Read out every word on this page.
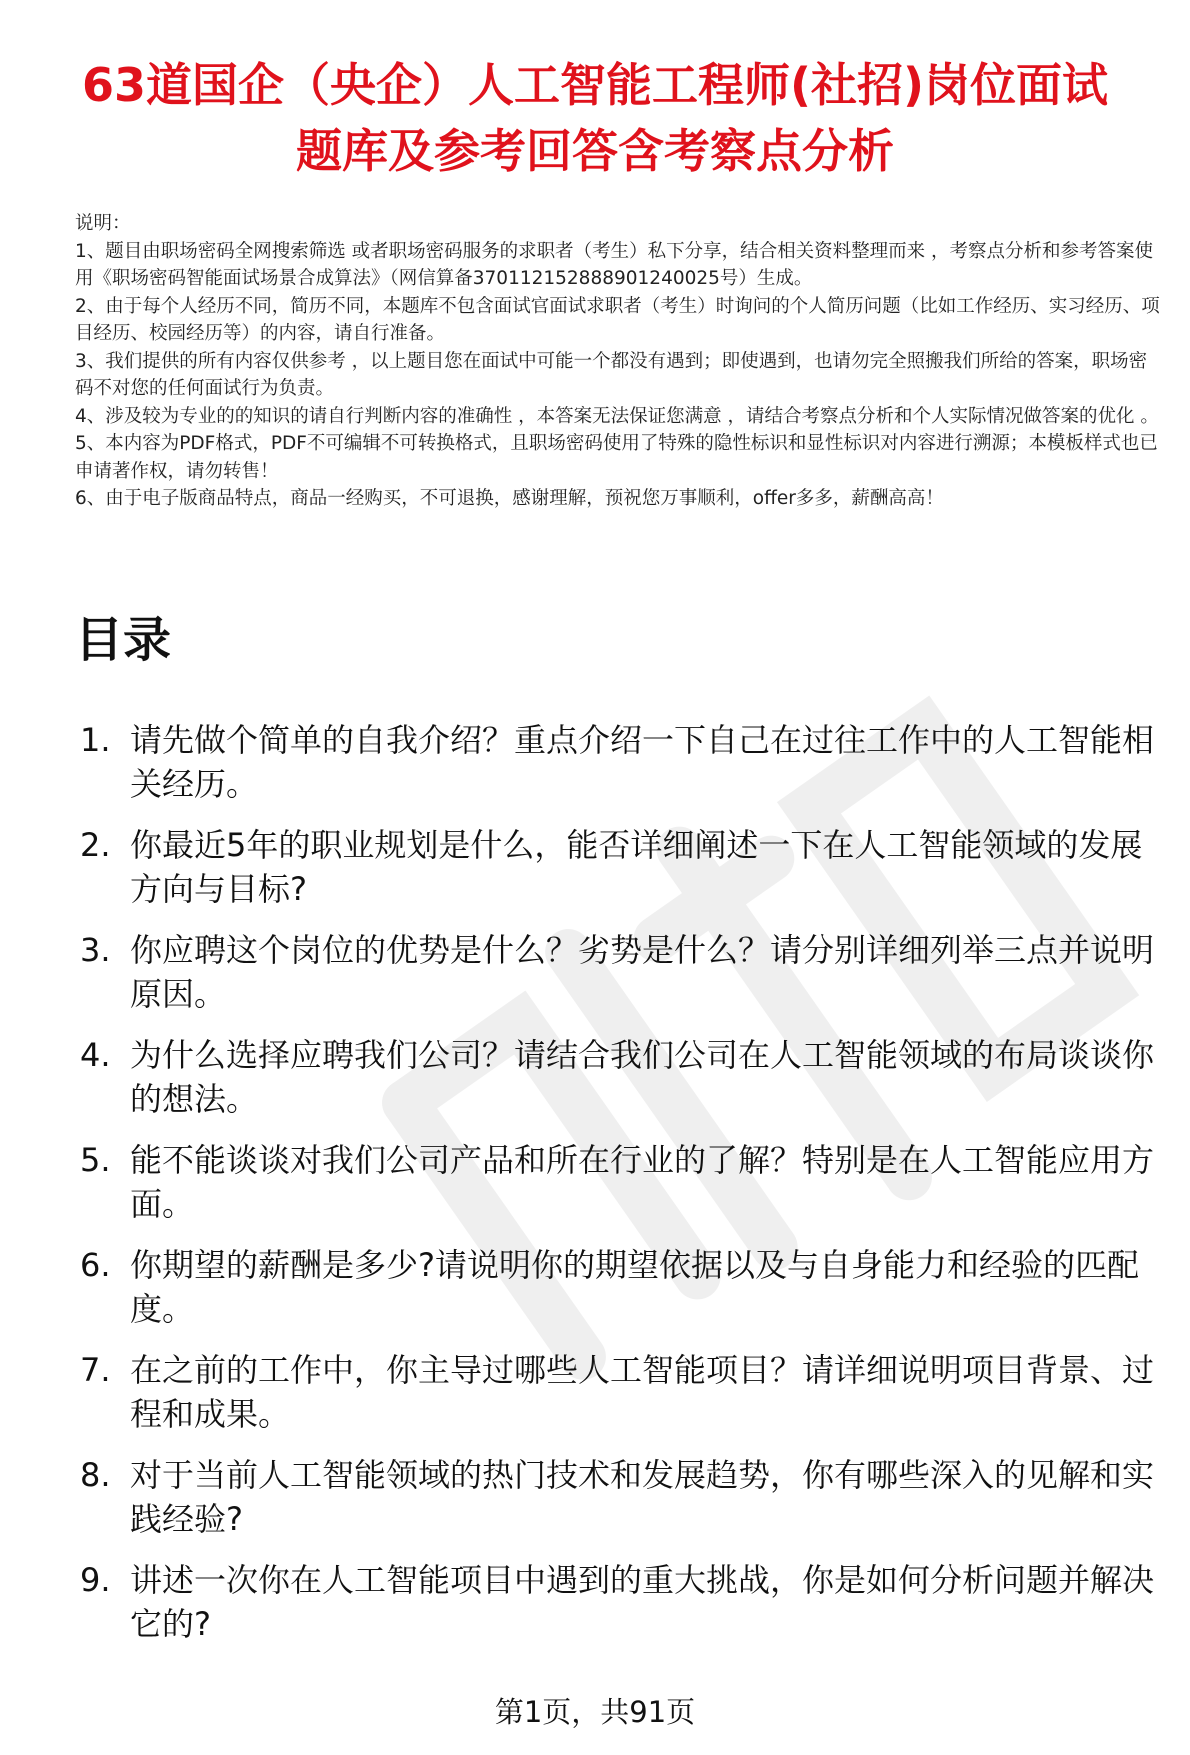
63道国企（央企）人工智能工程师(社招)岗位面试题库及参考回答含考察点分析
说明：
1、题目由职场密码全网搜索筛选 或者职场密码服务的求职者（考生）私下分享，结合相关资料整理而来 ，考察点分析和参考答案使用《职场密码智能面试场景合成算法》（网信算备370112152888901240025号）生成。
2、由于每个人经历不同，简历不同，本题库不包含面试官面试求职者（考生）时询问的个人简历问题（比如工作经历、实习经历、项目经历、校园经历等）的内容，请自行准备。
3、我们提供的所有内容仅供参考 ，以上题目您在面试中可能一个都没有遇到；即使遇到，也请勿完全照搬我们所给的答案，职场密码不对您的任何面试行为负责。
4、涉及较为专业的的知识的请自行判断内容的准确性 ，本答案无法保证您满意 ，请结合考察点分析和个人实际情况做答案的优化 。
5、本内容为PDF格式，PDF不可编辑不可转换格式，且职场密码使用了特殊的隐性标识和显性标识对内容进行溯源；本模板样式也已申请著作权，请勿转售！
6、由于电子版商品特点，商品一经购买，不可退换，感谢理解，预祝您万事顺利，offer多多，薪酬高高！
目录
1. 请先做个简单的自我介绍？重点介绍一下自己在过往工作中的人工智能相关经历。
2. 你最近5年的职业规划是什么，能否详细阐述一下在人工智能领域的发展方向与目标?
3. 你应聘这个岗位的优势是什么？劣势是什么？请分别详细列举三点并说明原因。
4. 为什么选择应聘我们公司？请结合我们公司在人工智能领域的布局谈谈你的想法。
5. 能不能谈谈对我们公司产品和所在行业的了解？特别是在人工智能应用方面。
6. 你期望的薪酬是多少?请说明你的期望依据以及与自身能力和经验的匹配度。
7. 在之前的工作中，你主导过哪些人工智能项目？请详细说明项目背景、过程和成果。
8. 对于当前人工智能领域的热门技术和发展趋势，你有哪些深入的见解和实践经验?
9. 讲述一次你在人工智能项目中遇到的重大挑战，你是如何分析问题并解决它的?
第1页，共91页
